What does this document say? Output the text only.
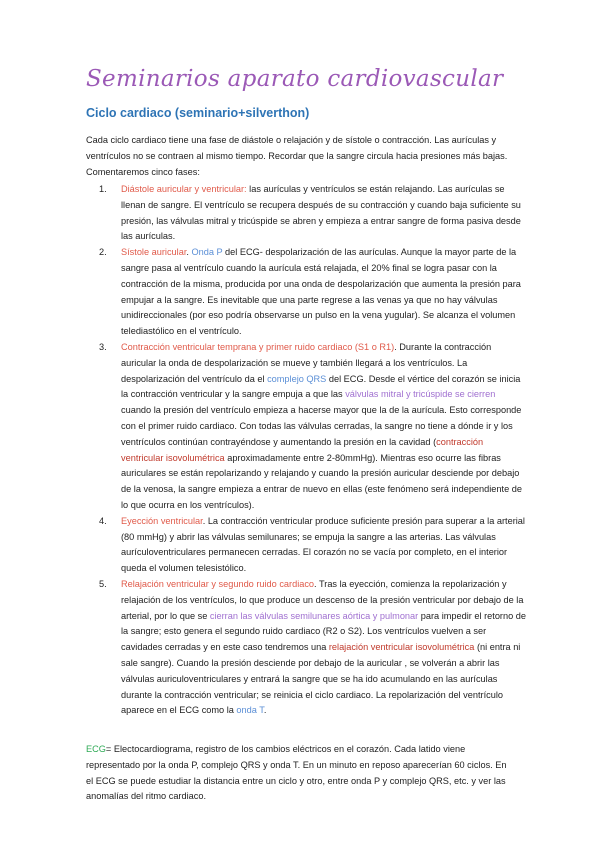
Seminarios aparato cardiovascular
Ciclo cardiaco (seminario+silverthon)

Cada ciclo cardiaco tiene una fase de diástole o relajación y de sístole o contracción. Las aurículas y ventrículos no se contraen al mismo tiempo. Recordar que la sangre circula hacia presiones más bajas. Comentaremos cinco fases:

1. Diástole auricular y ventricular: las aurículas y ventrículos se están relajando. Las aurículas se llenan de sangre. El ventrículo se recupera después de su contracción y cuando baja suficiente su presión, las válvulas mitral y tricúspide se abren y empieza a entrar sangre de forma pasiva desde las aurículas.
2. Sístole auricular. Onda P del ECG- despolarización de las aurículas. Aunque la mayor parte de la sangre pasa al ventrículo cuando la aurícula está relajada, el 20% final se logra pasar con la contracción de la misma, producida por una onda de despolarización que aumenta la presión para empujar a la sangre. Es inevitable que una parte regrese a las venas ya que no hay válvulas unidireccionales (por eso podría observarse un pulso en la vena yugular). Se alcanza el volumen telediastólico en el ventrículo.
3. Contracción ventricular temprana y primer ruido cardiaco (S1 o R1). Durante la contracción auricular la onda de despolarización se mueve y también llegará a los ventrículos. La despolarización del ventrículo da el complejo QRS del ECG. Desde el vértice del corazón se inicia la contracción ventricular y la sangre empuja a que las válvulas mitral y tricúspide se cierren cuando la presión del ventrículo empieza a hacerse mayor que la de la aurícula. Esto corresponde con el primer ruido cardiaco. Con todas las válvulas cerradas, la sangre no tiene a dónde ir y los ventrículos continúan contrayéndose y aumentando la presión en la cavidad (contracción ventricular isovolumétrica aproximadamente entre 2-80mmHg). Mientras eso ocurre las fibras auriculares se están repolarizando y relajando y cuando la presión auricular desciende por debajo de la venosa, la sangre empieza a entrar de nuevo en ellas (este fenómeno será independiente de lo que ocurra en los ventrículos).
4. Eyección ventricular. La contracción ventricular produce suficiente presión para superar a la arterial (80 mmHg) y abrir las válvulas semilunares; se empuja la sangre a las arterias. Las válvulas aurículoventriculares permanecen cerradas. El corazón no se vacía por completo, en el interior queda el volumen telesistólico.
5. Relajación ventricular y segundo ruido cardiaco. Tras la eyección, comienza la repolarización y relajación de los ventrículos, lo que produce un descenso de la presión ventricular por debajo de la arterial, por lo que se cierran las válvulas semilunares aórtica y pulmonar para impedir el retorno de la sangre; esto genera el segundo ruido cardiaco (R2 o S2). Los ventrículos vuelven a ser cavidades cerradas y en este caso tendremos una relajación ventricular isovolumétrica (ni entra ni sale sangre). Cuando la presión desciende por debajo de la auricular , se volverán a abrir las válvulas auriculoventriculares y entrará la sangre que se ha ido acumulando en las aurículas durante la contracción ventricular; se reinicia el ciclo cardiaco. La repolarización del ventrículo aparece en el ECG como la onda T.

ECG= Electocardiograma, registro de los cambios eléctricos en el corazón. Cada latido viene representado por la onda P, complejo QRS y onda T. En un minuto en reposo aparecerían 60 ciclos. En el ECG se puede estudiar la distancia entre un ciclo y otro, entre onda P y complejo QRS, etc. y ver las anomalías del ritmo cardiaco.
